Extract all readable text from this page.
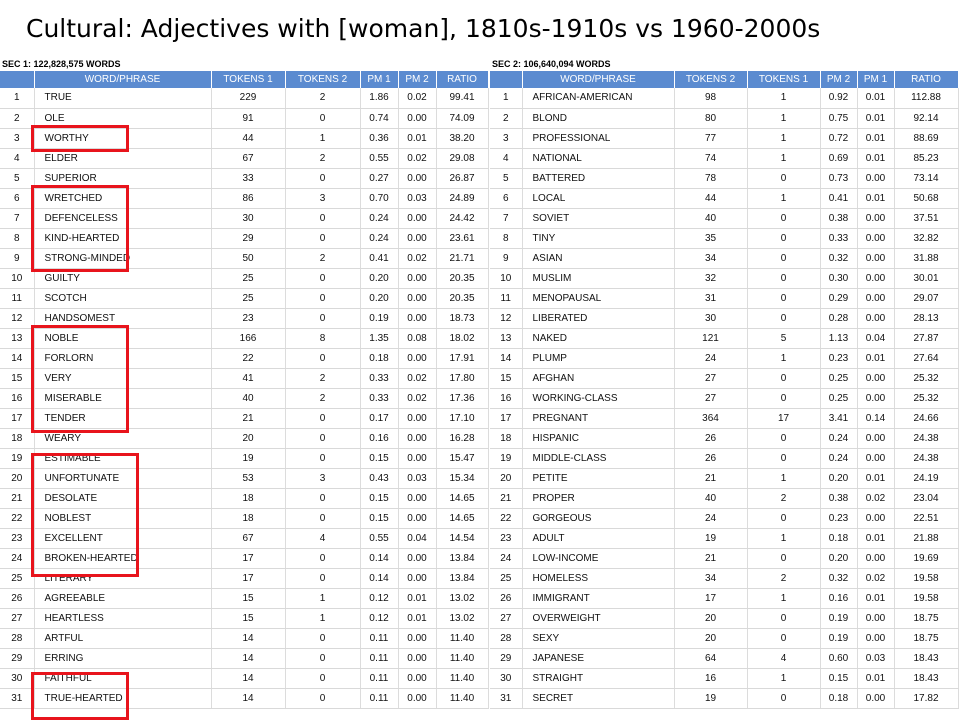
Cultural: Adjectives with [woman], 1810s-1910s vs 1960-2000s
SEC 1: 122,828,575 WORDS
	WORD/PHRASE	TOKENS 1	TOKENS 2	PM 1	PM 2	RATIO
1	TRUE	229	2	1.86	0.02	99.41
2	OLE	91	0	0.74	0.00	74.09
3	WORTHY	44	1	0.36	0.01	38.20
4	ELDER	67	2	0.55	0.02	29.08
5	SUPERIOR	33	0	0.27	0.00	26.87
6	WRETCHED	86	3	0.70	0.03	24.89
7	DEFENCELESS	30	0	0.24	0.00	24.42
8	KIND-HEARTED	29	0	0.24	0.00	23.61
9	STRONG-MINDED	50	2	0.41	0.02	21.71
10	GUILTY	25	0	0.20	0.00	20.35
11	SCOTCH	25	0	0.20	0.00	20.35
12	HANDSOMEST	23	0	0.19	0.00	18.73
13	NOBLE	166	8	1.35	0.08	18.02
14	FORLORN	22	0	0.18	0.00	17.91
15	VERY	41	2	0.33	0.02	17.80
16	MISERABLE	40	2	0.33	0.02	17.36
17	TENDER	21	0	0.17	0.00	17.10
18	WEARY	20	0	0.16	0.00	16.28
19	ESTIMABLE	19	0	0.15	0.00	15.47
20	UNFORTUNATE	53	3	0.43	0.03	15.34
21	DESOLATE	18	0	0.15	0.00	14.65
22	NOBLEST	18	0	0.15	0.00	14.65
23	EXCELLENT	67	4	0.55	0.04	14.54
24	BROKEN-HEARTED	17	0	0.14	0.00	13.84
25	LITERARY	17	0	0.14	0.00	13.84
26	AGREEABLE	15	1	0.12	0.01	13.02
27	HEARTLESS	15	1	0.12	0.01	13.02
28	ARTFUL	14	0	0.11	0.00	11.40
29	ERRING	14	0	0.11	0.00	11.40
30	FAITHFUL	14	0	0.11	0.00	11.40
31	TRUE-HEARTED	14	0	0.11	0.00	11.40
SEC 2: 106,640,094 WORDS
	WORD/PHRASE	TOKENS 2	TOKENS 1	PM 2	PM 1	RATIO
1	AFRICAN-AMERICAN	98	1	0.92	0.01	112.88
2	BLOND	80	1	0.75	0.01	92.14
3	PROFESSIONAL	77	1	0.72	0.01	88.69
4	NATIONAL	74	1	0.69	0.01	85.23
5	BATTERED	78	0	0.73	0.00	73.14
6	LOCAL	44	1	0.41	0.01	50.68
7	SOVIET	40	0	0.38	0.00	37.51
8	TINY	35	0	0.33	0.00	32.82
9	ASIAN	34	0	0.32	0.00	31.88
10	MUSLIM	32	0	0.30	0.00	30.01
11	MENOPAUSAL	31	0	0.29	0.00	29.07
12	LIBERATED	30	0	0.28	0.00	28.13
13	NAKED	121	5	1.13	0.04	27.87
14	PLUMP	24	1	0.23	0.01	27.64
15	AFGHAN	27	0	0.25	0.00	25.32
16	WORKING-CLASS	27	0	0.25	0.00	25.32
17	PREGNANT	364	17	3.41	0.14	24.66
18	HISPANIC	26	0	0.24	0.00	24.38
19	MIDDLE-CLASS	26	0	0.24	0.00	24.38
20	PETITE	21	1	0.20	0.01	24.19
21	PROPER	40	2	0.38	0.02	23.04
22	GORGEOUS	24	0	0.23	0.00	22.51
23	ADULT	19	1	0.18	0.01	21.88
24	LOW-INCOME	21	0	0.20	0.00	19.69
25	HOMELESS	34	2	0.32	0.02	19.58
26	IMMIGRANT	17	1	0.16	0.01	19.58
27	OVERWEIGHT	20	0	0.19	0.00	18.75
28	SEXY	20	0	0.19	0.00	18.75
29	JAPANESE	64	4	0.60	0.03	18.43
30	STRAIGHT	16	1	0.15	0.01	18.43
31	SECRET	19	0	0.18	0.00	17.82
